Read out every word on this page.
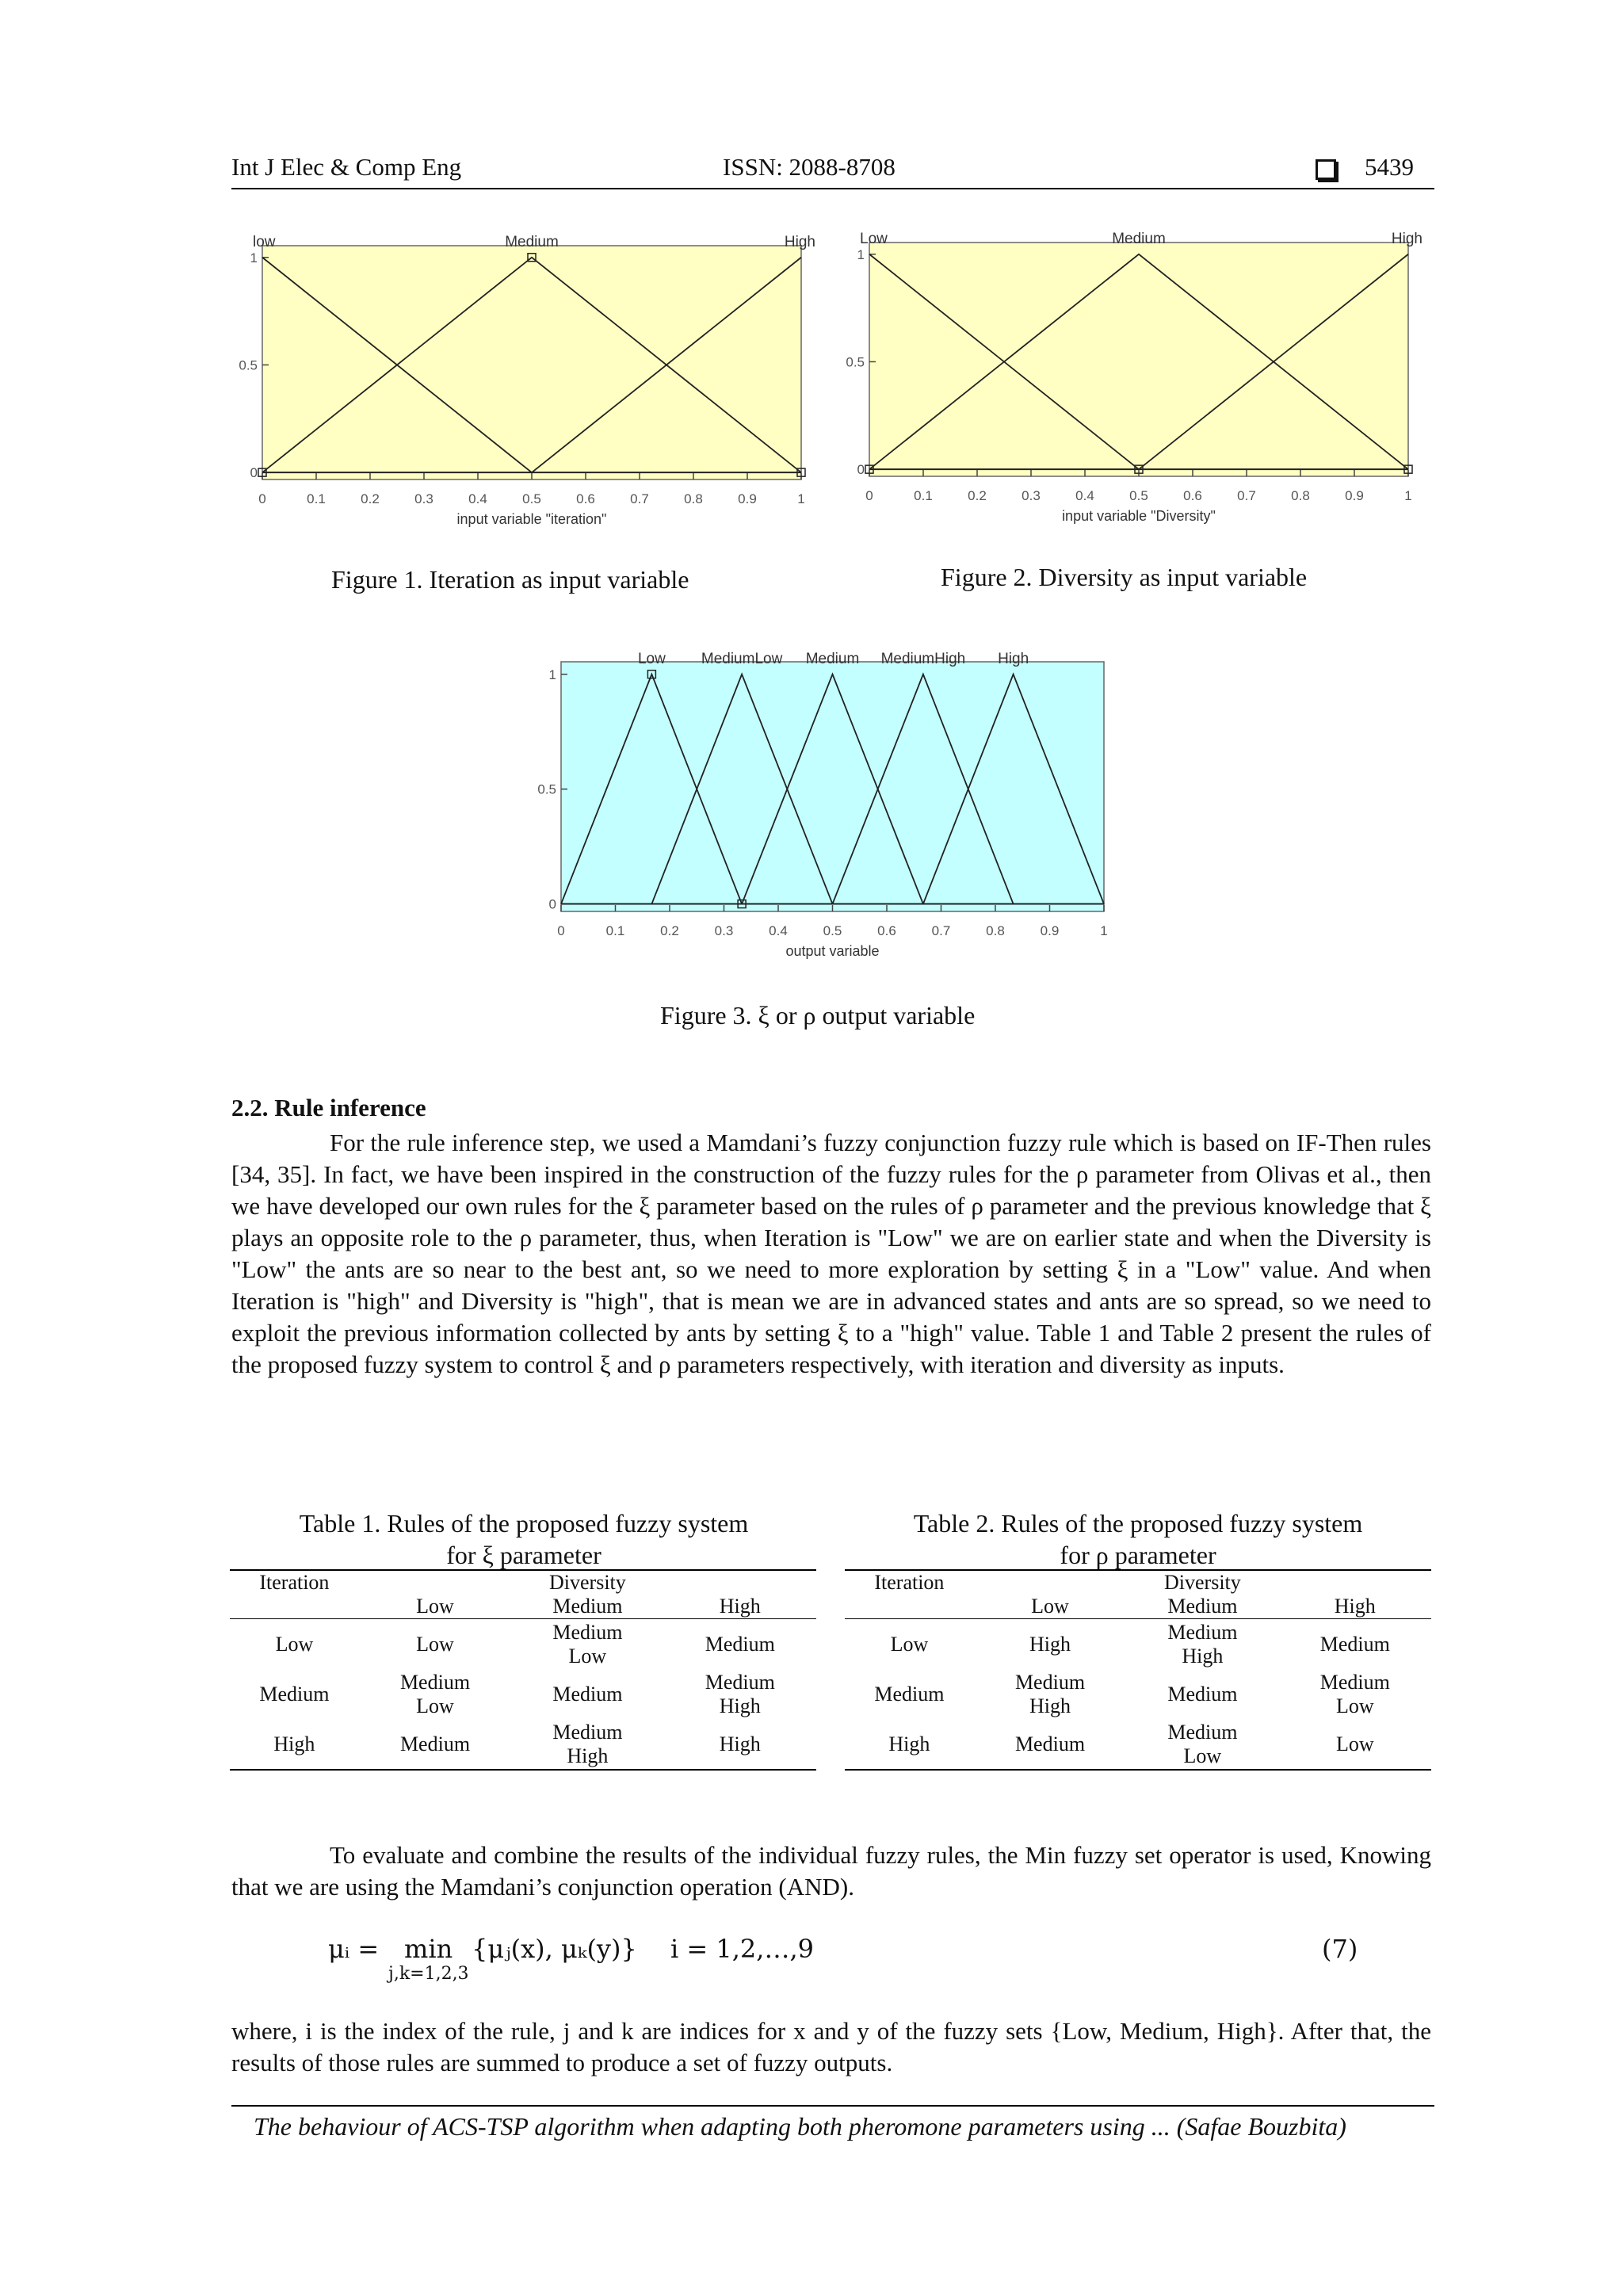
Int J Elec & Comp Eng	ISSN: 2088-8708	5439
0
0.5
1
0	0.1	0.2	0.3	0.4	0.5	0.6	0.7	0.8	0.9	1
low	Medium	High
input variable "iteration"
Figure 1. Iteration as input variable
0
0.5
1
0	0.1	0.2	0.3	0.4	0.5	0.6	0.7	0.8	0.9	1
Low	Medium	High
input variable "Diversity"
Figure 2. Diversity as input variable
0
0.5
1
0	0.1	0.2	0.3	0.4	0.5	0.6	0.7	0.8	0.9	1
Low MediumLow Medium MediumHigh High
output variable
Figure 3. ξ or ρ output variable
2.2. Rule inference

For the rule inference step, we used a Mamdani’s fuzzy conjunction fuzzy rule which is based on IF-Then rules [34, 35]. In fact, we have been inspired in the construction of the fuzzy rules for the ρ parameter from Olivas et al., then we have developed our own rules for the ξ parameter based on the rules of ρ parameter and the previous knowledge that ξ plays an opposite role to the ρ parameter, thus, when Iteration is "Low" we are on earlier state and when the Diversity is "Low" the ants are so near to the best ant, so we need to more exploration by setting ξ in a "Low" value. And when Iteration is "high" and Diversity is "high", that is mean we are in advanced states and ants are so spread, so we need to exploit the previous information collected by ants by setting ξ to a "high" value. Table 1 and Table 2 present the rules of the proposed fuzzy system to control ξ and ρ parameters respectively, with iteration and diversity as inputs.

Table 1. Rules of the proposed fuzzy system
for ξ parameter
Iteration	Diversity		
	Low	Medium	High
Low	Low	Medium Low	Medium
Medium	Medium Low	Medium	Medium High
High	Medium	Medium High	High
Table 2. Rules of the proposed fuzzy system
for ρ parameter
Iteration	Diversity		
	Low	Medium	High
Low	High	Medium High	Medium
Medium	Medium High	Medium	Medium Low
High	Medium	Medium Low	Low

To evaluate and combine the results of the individual fuzzy rules, the Min fuzzy set operator is used, Knowing that we are using the Mamdani’s conjunction operation (AND).

μᵢ = min
j,k=1,2,3
{μⱼ(x), μₖ(y)} i = 1,2,…,9	(7)

where, i is the index of the rule, j and k are indices for x and y of the fuzzy sets {Low, Medium, High}. After that, the results of those rules are summed to produce a set of fuzzy outputs.

The behaviour of ACS-TSP algorithm when adapting both pheromone parameters using ... (Safae Bouzbita)
